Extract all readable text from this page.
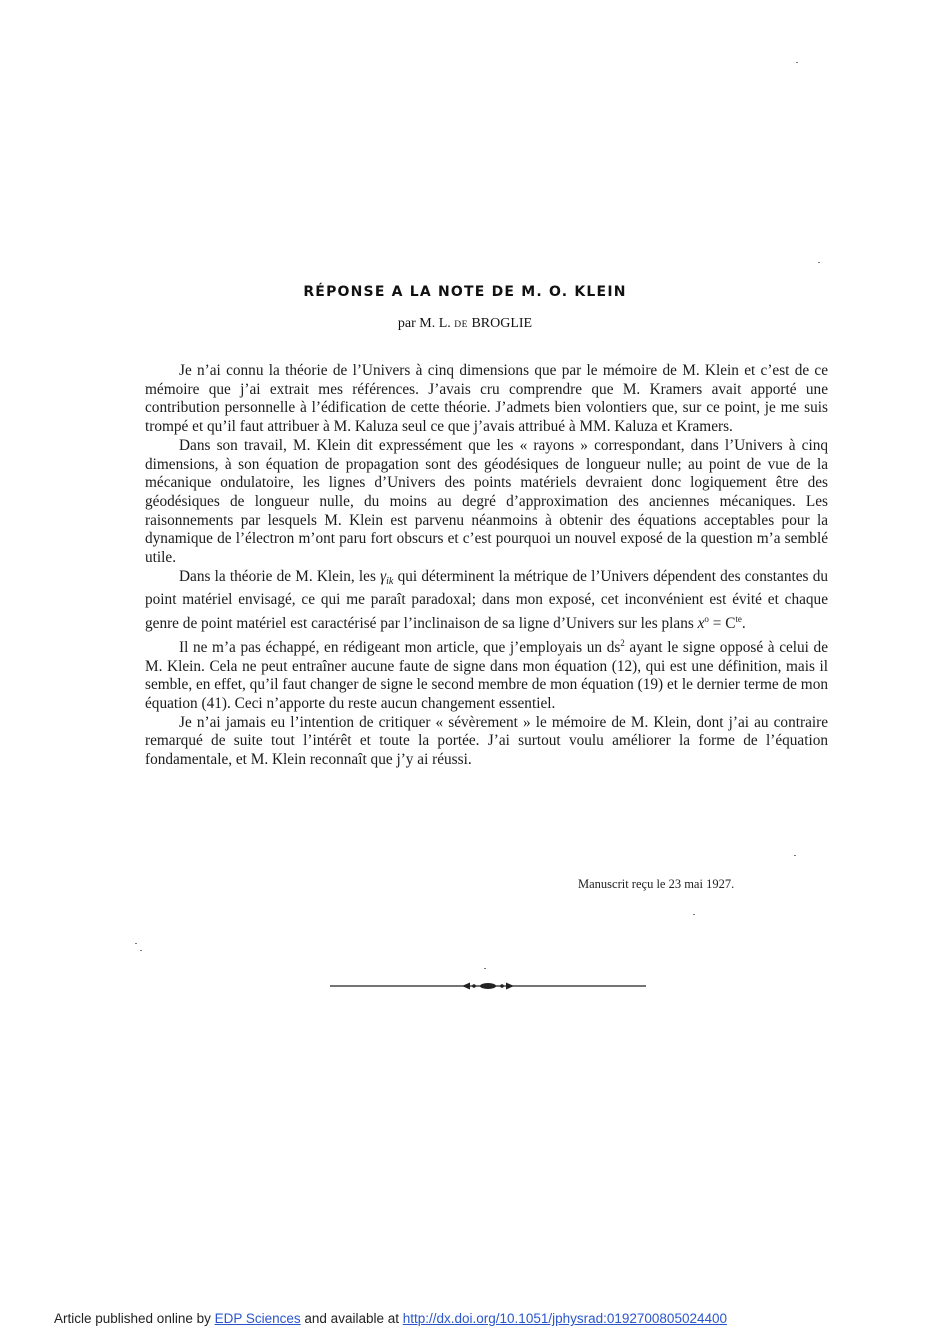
RÉPONSE A LA NOTE DE M. O. KLEIN
par M. L. DE BROGLIE

Je n’ai connu la théorie de l’Univers à cinq dimensions que par le mémoire de M. Klein et c’est de ce mémoire que j’ai extrait mes références. J’avais cru comprendre que M. Kramers avait apporté une contribution personnelle à l’édification de cette théorie. J’admets bien volontiers que, sur ce point, je me suis trompé et qu’il faut attribuer à M. Kaluza seul ce que j’avais attribué à MM. Kaluza et Kramers.

Dans son travail, M. Klein dit expressément que les « rayons » correspondant, dans l’Univers à cinq dimensions, à son équation de propagation sont des géodésiques de longueur nulle; au point de vue de la mécanique ondulatoire, les lignes d’Univers des points matériels devraient donc logiquement être des géodésiques de longueur nulle, du moins au degré d’approximation des anciennes mécaniques. Les raisonnements par lesquels M. Klein est parvenu néanmoins à obtenir des équations acceptables pour la dynamique de l’électron m’ont paru fort obscurs et c’est pourquoi un nouvel exposé de la question m’a semblé utile.

Dans la théorie de M. Klein, les $\gamma_{ik}$ qui déterminent la métrique de l’Univers dépendent des constantes du point matériel envisagé, ce qui me paraît paradoxal; dans mon exposé, cet inconvénient est évité et chaque genre de point matériel est caractérisé par l’inclinaison de sa ligne d’Univers sur les plans $x^o = C^{te}$.

Il ne m’a pas échappé, en rédigeant mon article, que j’employais un $ds^2$ ayant le signe opposé à celui de M. Klein. Cela ne peut entraîner aucune faute de signe dans mon équation (12), qui est une définition, mais il semble, en effet, qu’il faut changer de signe le second membre de mon équation (19) et le dernier terme de mon équation (41). Ceci n’apporte du reste aucun changement essentiel.

Je n’ai jamais eu l’intention de critiquer « sévèrement » le mémoire de M. Klein, dont j’ai au contraire remarqué de suite tout l’intérêt et toute la portée. J’ai surtout voulu améliorer la forme de l’équation fondamentale, et M. Klein reconnaît que j’y ai réussi.

Manuscrit reçu le 23 mai 1927.
Article published online by EDP Sciences and available at http://dx.doi.org/10.1051/jphysrad:0192700805024400
